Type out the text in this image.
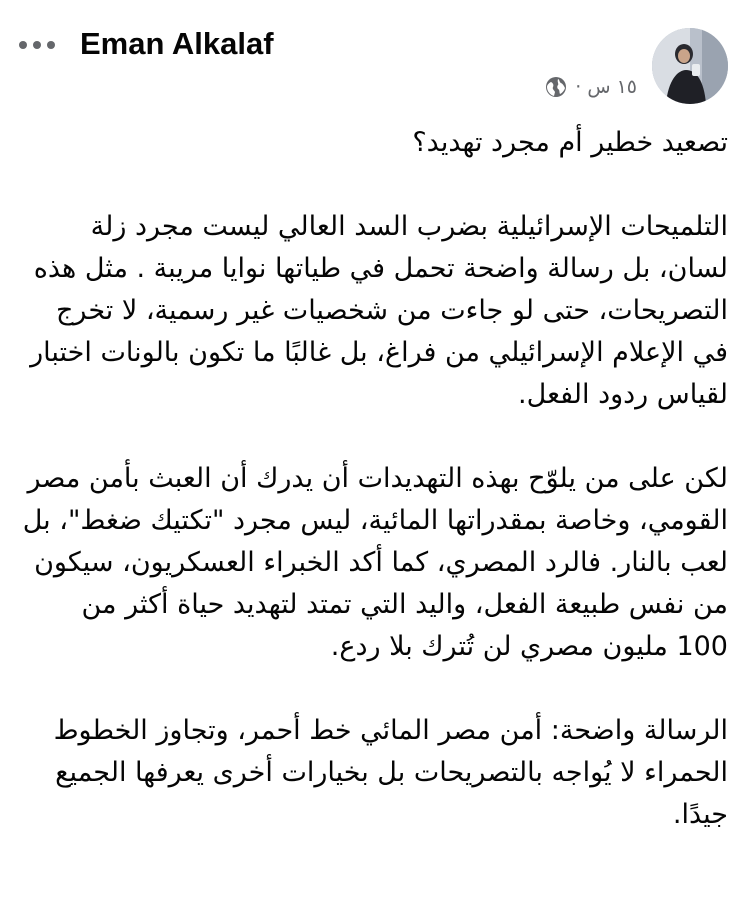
Eman Alkalaf
١٥ س ·

تصعيد خطير أم مجرد تهديد؟

التلميحات الإسرائيلية بضرب السد العالي ليست مجرد زلة لسان، بل رسالة واضحة تحمل في طياتها نوايا مريبة . مثل هذه التصريحات، حتى لو جاءت من شخصيات غير رسمية، لا تخرج في الإعلام الإسرائيلي من فراغ، بل غالبًا ما تكون بالونات اختبار لقياس ردود الفعل.

لكن على من يلوّح بهذه التهديدات أن يدرك أن العبث بأمن مصر القومي، وخاصة بمقدراتها المائية، ليس مجرد "تكتيك ضغط"، بل لعب بالنار. فالرد المصري، كما أكد الخبراء العسكريون، سيكون من نفس طبيعة الفعل، واليد التي تمتد لتهديد حياة أكثر من 100 مليون مصري لن تُترك بلا ردع.

الرسالة واضحة: أمن مصر المائي خط أحمر، وتجاوز الخطوط الحمراء لا يُواجه بالتصريحات بل بخيارات أخرى يعرفها الجميع جيدًا.
